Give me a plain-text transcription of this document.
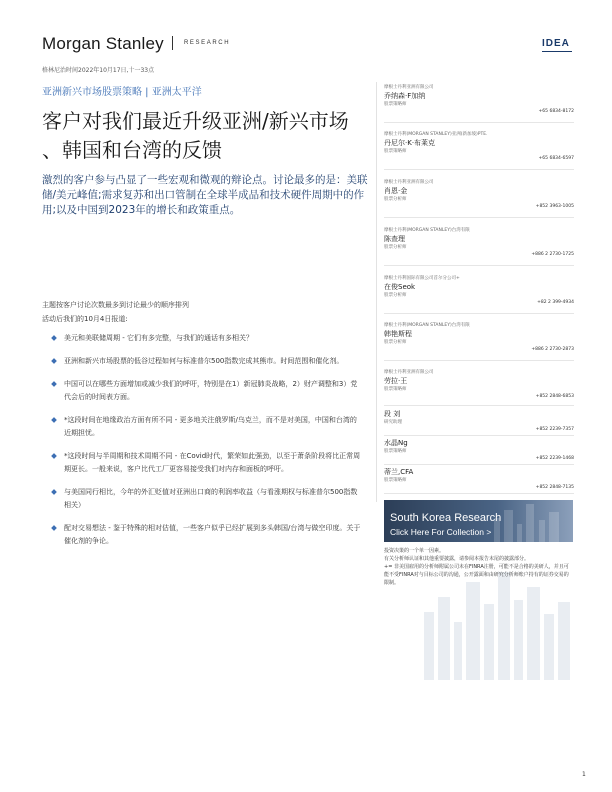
Morgan Stanley	RESEARCH	IDEA
格林尼治时间2022年10月17日,十一33点
亚洲新兴市场股票策略 | 亚洲太平洋
客户对我们最近升级亚洲/新兴市场
、韩国和台湾的反馈
激烈的客户参与凸显了一些宏观和微观的辩论点。讨论最多的是：美联储/美元峰值;需求复苏和出口管制在全球半成品和技术硬件周期中的作用;以及中国到2023年的增长和政策重点。
主题按客户讨论次数最多到讨论最少的顺序排列
活动后我们的10月4日报道:
美元和美联储周期 - 它们有多完整，与我们的通话有多相关？
亚洲和新兴市场股票的低谷过程如何与标准普尔500指数完成其熊市。时间范围和催化剂。
中国可以在哪些方面增加或减少我们的呼吁，特别是在1）新冠肺炎战略，2）财产调整和3）党代会后的时间表方面。
*这段时间在地缘政治方面有所不同 - 更多地关注俄罗斯/乌克兰，而不是对美国，中国和台湾的近期担忧。
*这段时间与半周期和技术周期不同 - 在Covid时代，繁荣如此强劲，以至于萧条阶段将比正常周期更长。一般来说，客户比代工厂更容易接受我们对内存和面板的呼吁。
与美国同行相比，今年的外汇贬值对亚洲出口商的利润率收益（与看涨期权与标准普尔500指数相关）
配对交易想法 - 鉴于特殊的相对估值，一些客户似乎已经扩展到多头韩国/台湾与做空印度。关于催化剂的争论。
摩根士丹利亚洲有限公司
乔纳森·F加纳
股票策略师
+65 6834-8172
摩根士丹利(MORGAN STANLEY)亚洲(新加坡)PTE.
丹尼尔·K·布莱克
股票策略师
+65 6834-6597
摩根士丹利亚洲有限公司
肖恩·金
股票分析师
+852 3963-1005
摩根士丹利(MORGAN STANLEY)台湾有限
陈查理
股票分析师
+886 2 2730-1725
摩根士丹利国际有限公司首尔分公司+
在俊Seok
股票分析师
+82 2 399-4934
摩根士丹利(MORGAN STANLEY)台湾有限
韩艳斯程
股票分析师
+886 2 2730-2873
摩根士丹利亚洲有限公司
劳拉·王
股票策略师
+852 2848-6853
段 刘
研究助理
+852 2239-7357
水晶Ng
股票策略师
+852 2239-1468
蒂兰,CFA
股票策略师
+852 2848-7135
South Korea Research
Click Here For Collection >
投资决策的一个单一因素。
有关分析师认证和其他重要披露，请参阅本报告末尾的披露部分。
+= 非美国雇用的分析师附属公司未在FINRA注册，可能不是合格的美研人，并且可能不受FINRA对与目标公司的沟通，公开露面和由研究分析师账户持有的证券交易的限制。
1
